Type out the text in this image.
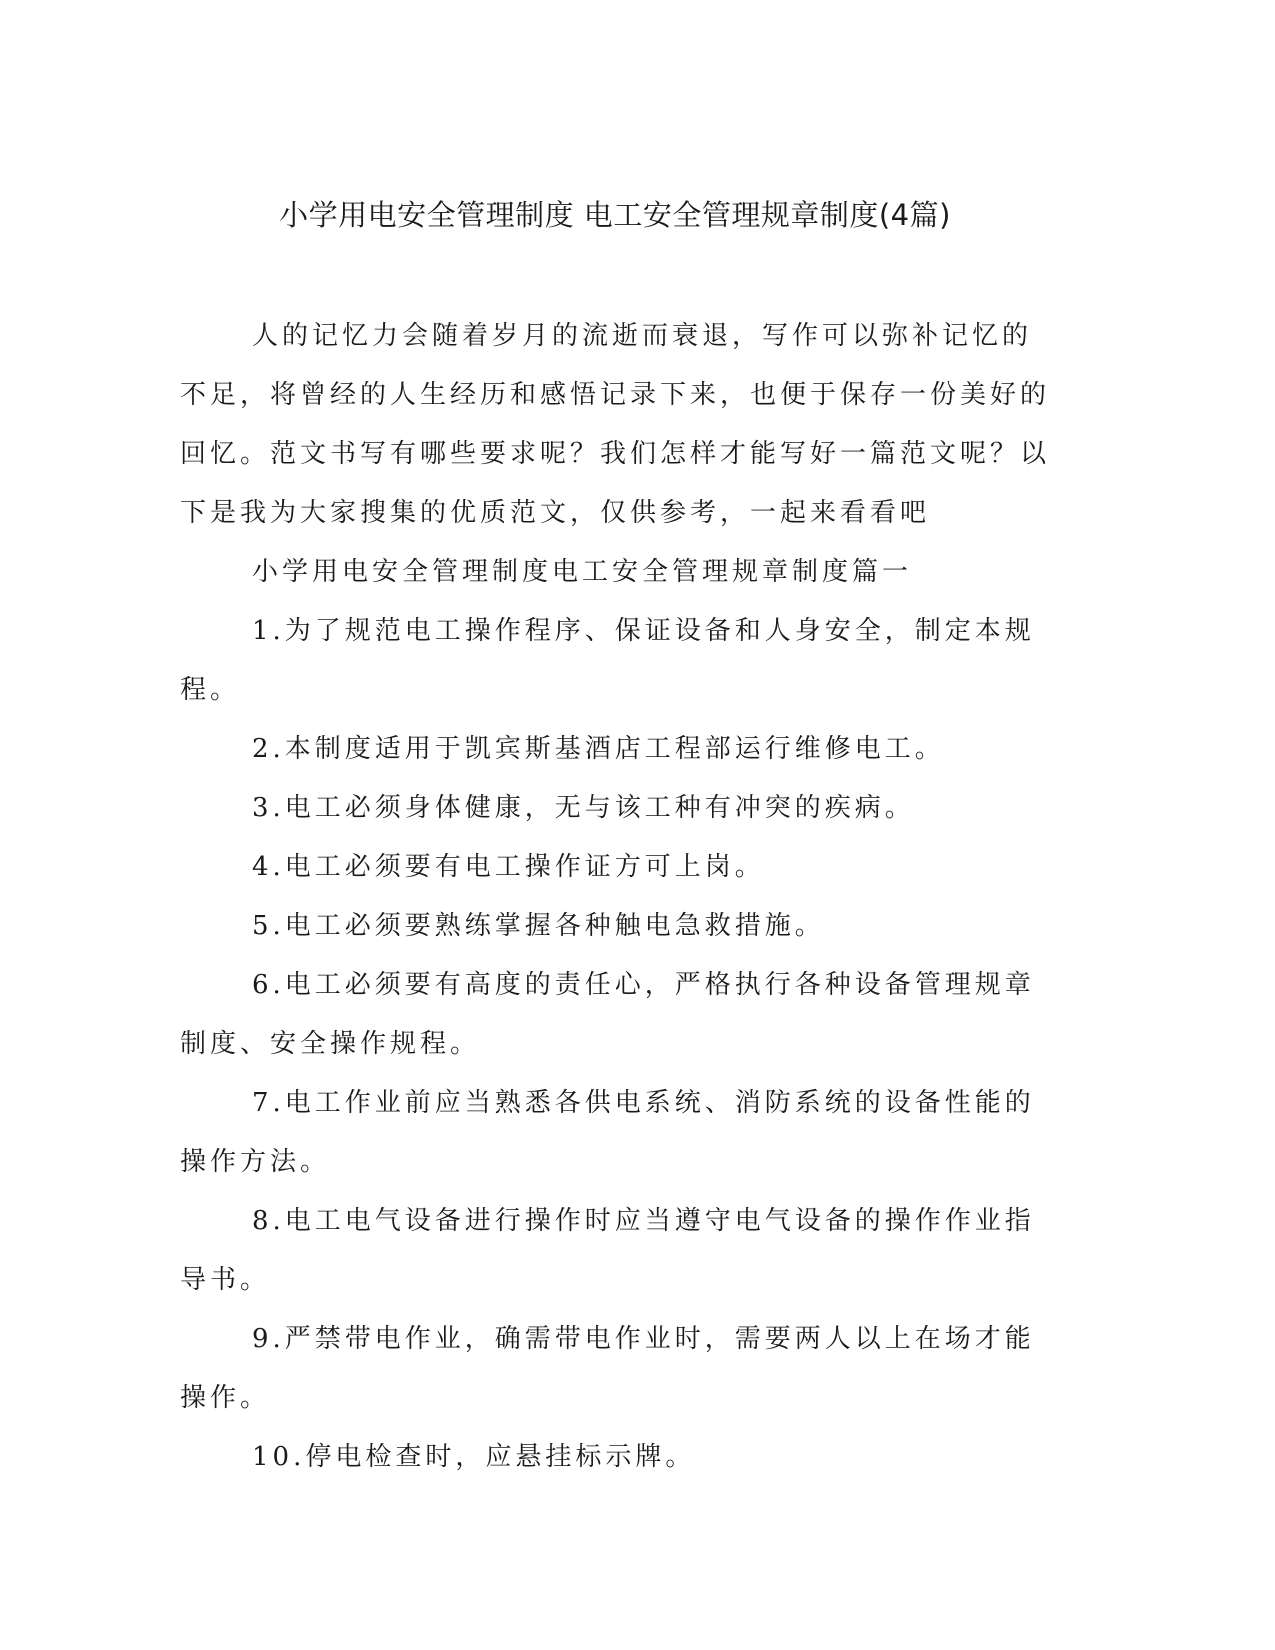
小学用电安全管理制度 电工安全管理规章制度(4篇)

人的记忆力会随着岁月的流逝而衰退，写作可以弥补记忆的不足，将曾经的人生经历和感悟记录下来，也便于保存一份美好的回忆。范文书写有哪些要求呢？我们怎样才能写好一篇范文呢？以下是我为大家搜集的优质范文，仅供参考，一起来看看吧

小学用电安全管理制度电工安全管理规章制度篇一

1.为了规范电工操作程序、保证设备和人身安全，制定本规程。

2.本制度适用于凯宾斯基酒店工程部运行维修电工。

3.电工必须身体健康，无与该工种有冲突的疾病。

4.电工必须要有电工操作证方可上岗。

5.电工必须要熟练掌握各种触电急救措施。

6.电工必须要有高度的责任心，严格执行各种设备管理规章制度、安全操作规程。

7.电工作业前应当熟悉各供电系统、消防系统的设备性能的操作方法。

8.电工电气设备进行操作时应当遵守电气设备的操作作业指导书。

9.严禁带电作业，确需带电作业时，需要两人以上在场才能操作。

10.停电检查时，应悬挂标示牌。
